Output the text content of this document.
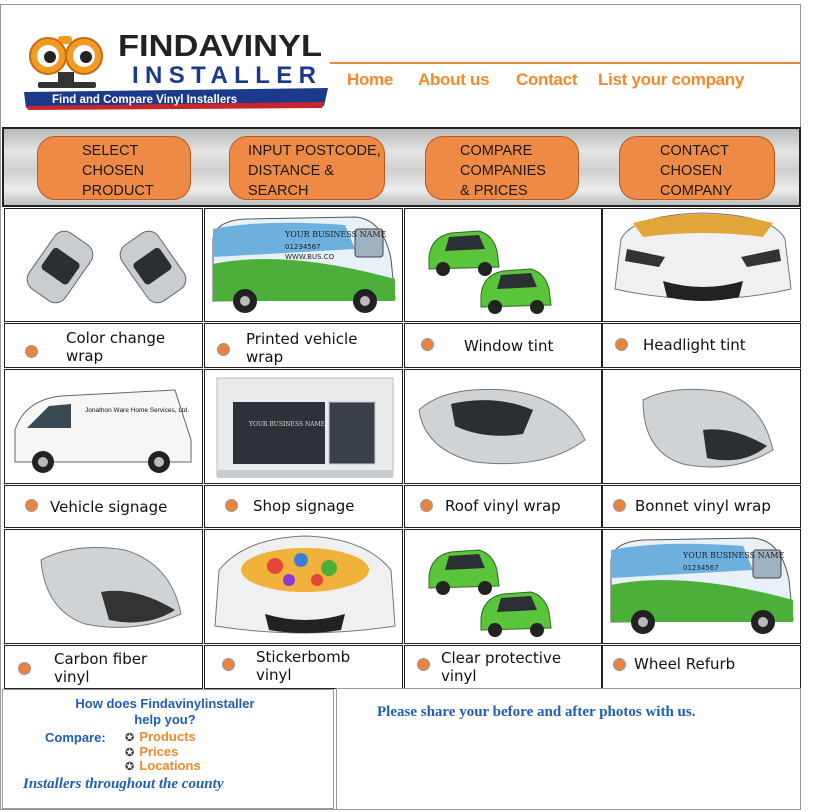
Find and Compare Vinyl Installers
FINDAVINYL
INSTALLER Home About us Contact List your company
SELECT
CHOSEN
PRODUCT
INPUT POSTCODE,
DISTANCE &
SEARCH
COMPARE
COMPANIES
& PRICES
CONTACT
CHOSEN
COMPANY
YOUR BUSINESS NAME
01234567
WWW.BUS.CO
Color change
wrap
Printed vehicle
wrap
Window tint	Headlight tint
Jonathon Ware Home Services, Ltd.
YOUR BUSINESS NAME
Vehicle signage	Shop signage	Roof vinyl wrap	Bonnet vinyl wrap
YOUR BUSINESS NAME
01234567
Carbon fiber
vinyl
Stickerbomb
vinyl
Clear protective
vinyl
Wheel Refurb
How does Findavinylinstaller
help you?
Compare: ✪ Products
✪ Prices
✪ Locations
Installers throughout the county
Please share your before and after photos with us.
